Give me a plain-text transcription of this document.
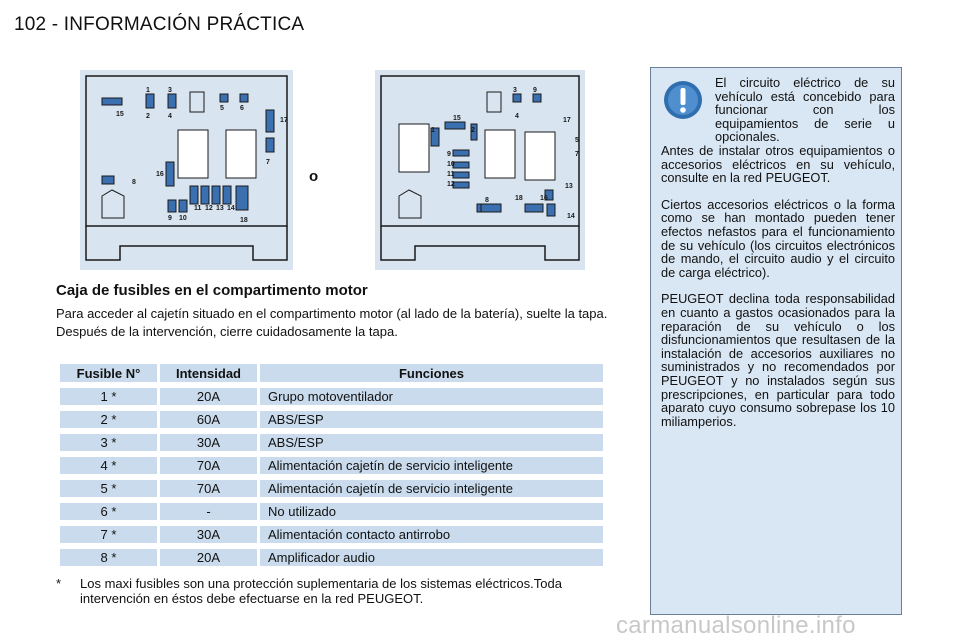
102 - INFORMACIÓN PRÁCTICA
1
2
3
4
5 6
15
17
7
16
8
9 10
11 12 13 14
18
o
3 9
4
15
2
1
17
5
7
9
10
11
12	13
8	18 16
14
Caja de fusibles en el compartimento motor

Para acceder al cajetín situado en el compartimento motor (al lado de la batería), suelte la tapa.

Después de la intervención, cierre cuidadosamente la tapa.

Fusible N°	Intensidad	Funciones
1 *	20A	Grupo motoventilador
2 *	60A	ABS/ESP
3 *	30A	ABS/ESP
4 *	70A	Alimentación cajetín de servicio inteligente
5 *	70A	Alimentación cajetín de servicio inteligente
6 *	-	No utilizado
7 *	30A	Alimentación contacto antirrobo
8 *	20A	Amplificador audio
* Los maxi fusibles son una protección suplementaria de los sistemas eléctricos.Toda intervención en éstos debe efectuarse en la red PEUGEOT.
El circuito eléctrico de su vehículo está concebido para funcionar con los equipamientos de serie u opcionales.

Antes de instalar otros equipamientos o accesorios eléctricos en su vehículo, consulte en la red PEUGEOT.

Ciertos accesorios eléctricos o la forma como se han montado pueden tener efectos nefastos para el funcionamiento de su vehículo (los circuitos electrónicos de mando, el circuito audio y el circuito de carga eléctrico).

PEUGEOT declina toda responsabilidad en cuanto a gastos ocasionados para la reparación de su vehículo o los disfuncionamientos que resultasen de la instalación de accesorios auxiliares no suministrados y no recomendados por PEUGEOT y no instalados según sus prescripciones, en particular para todo aparato cuyo consumo sobrepase los 10 miliamperios.

carmanualsonline.info
